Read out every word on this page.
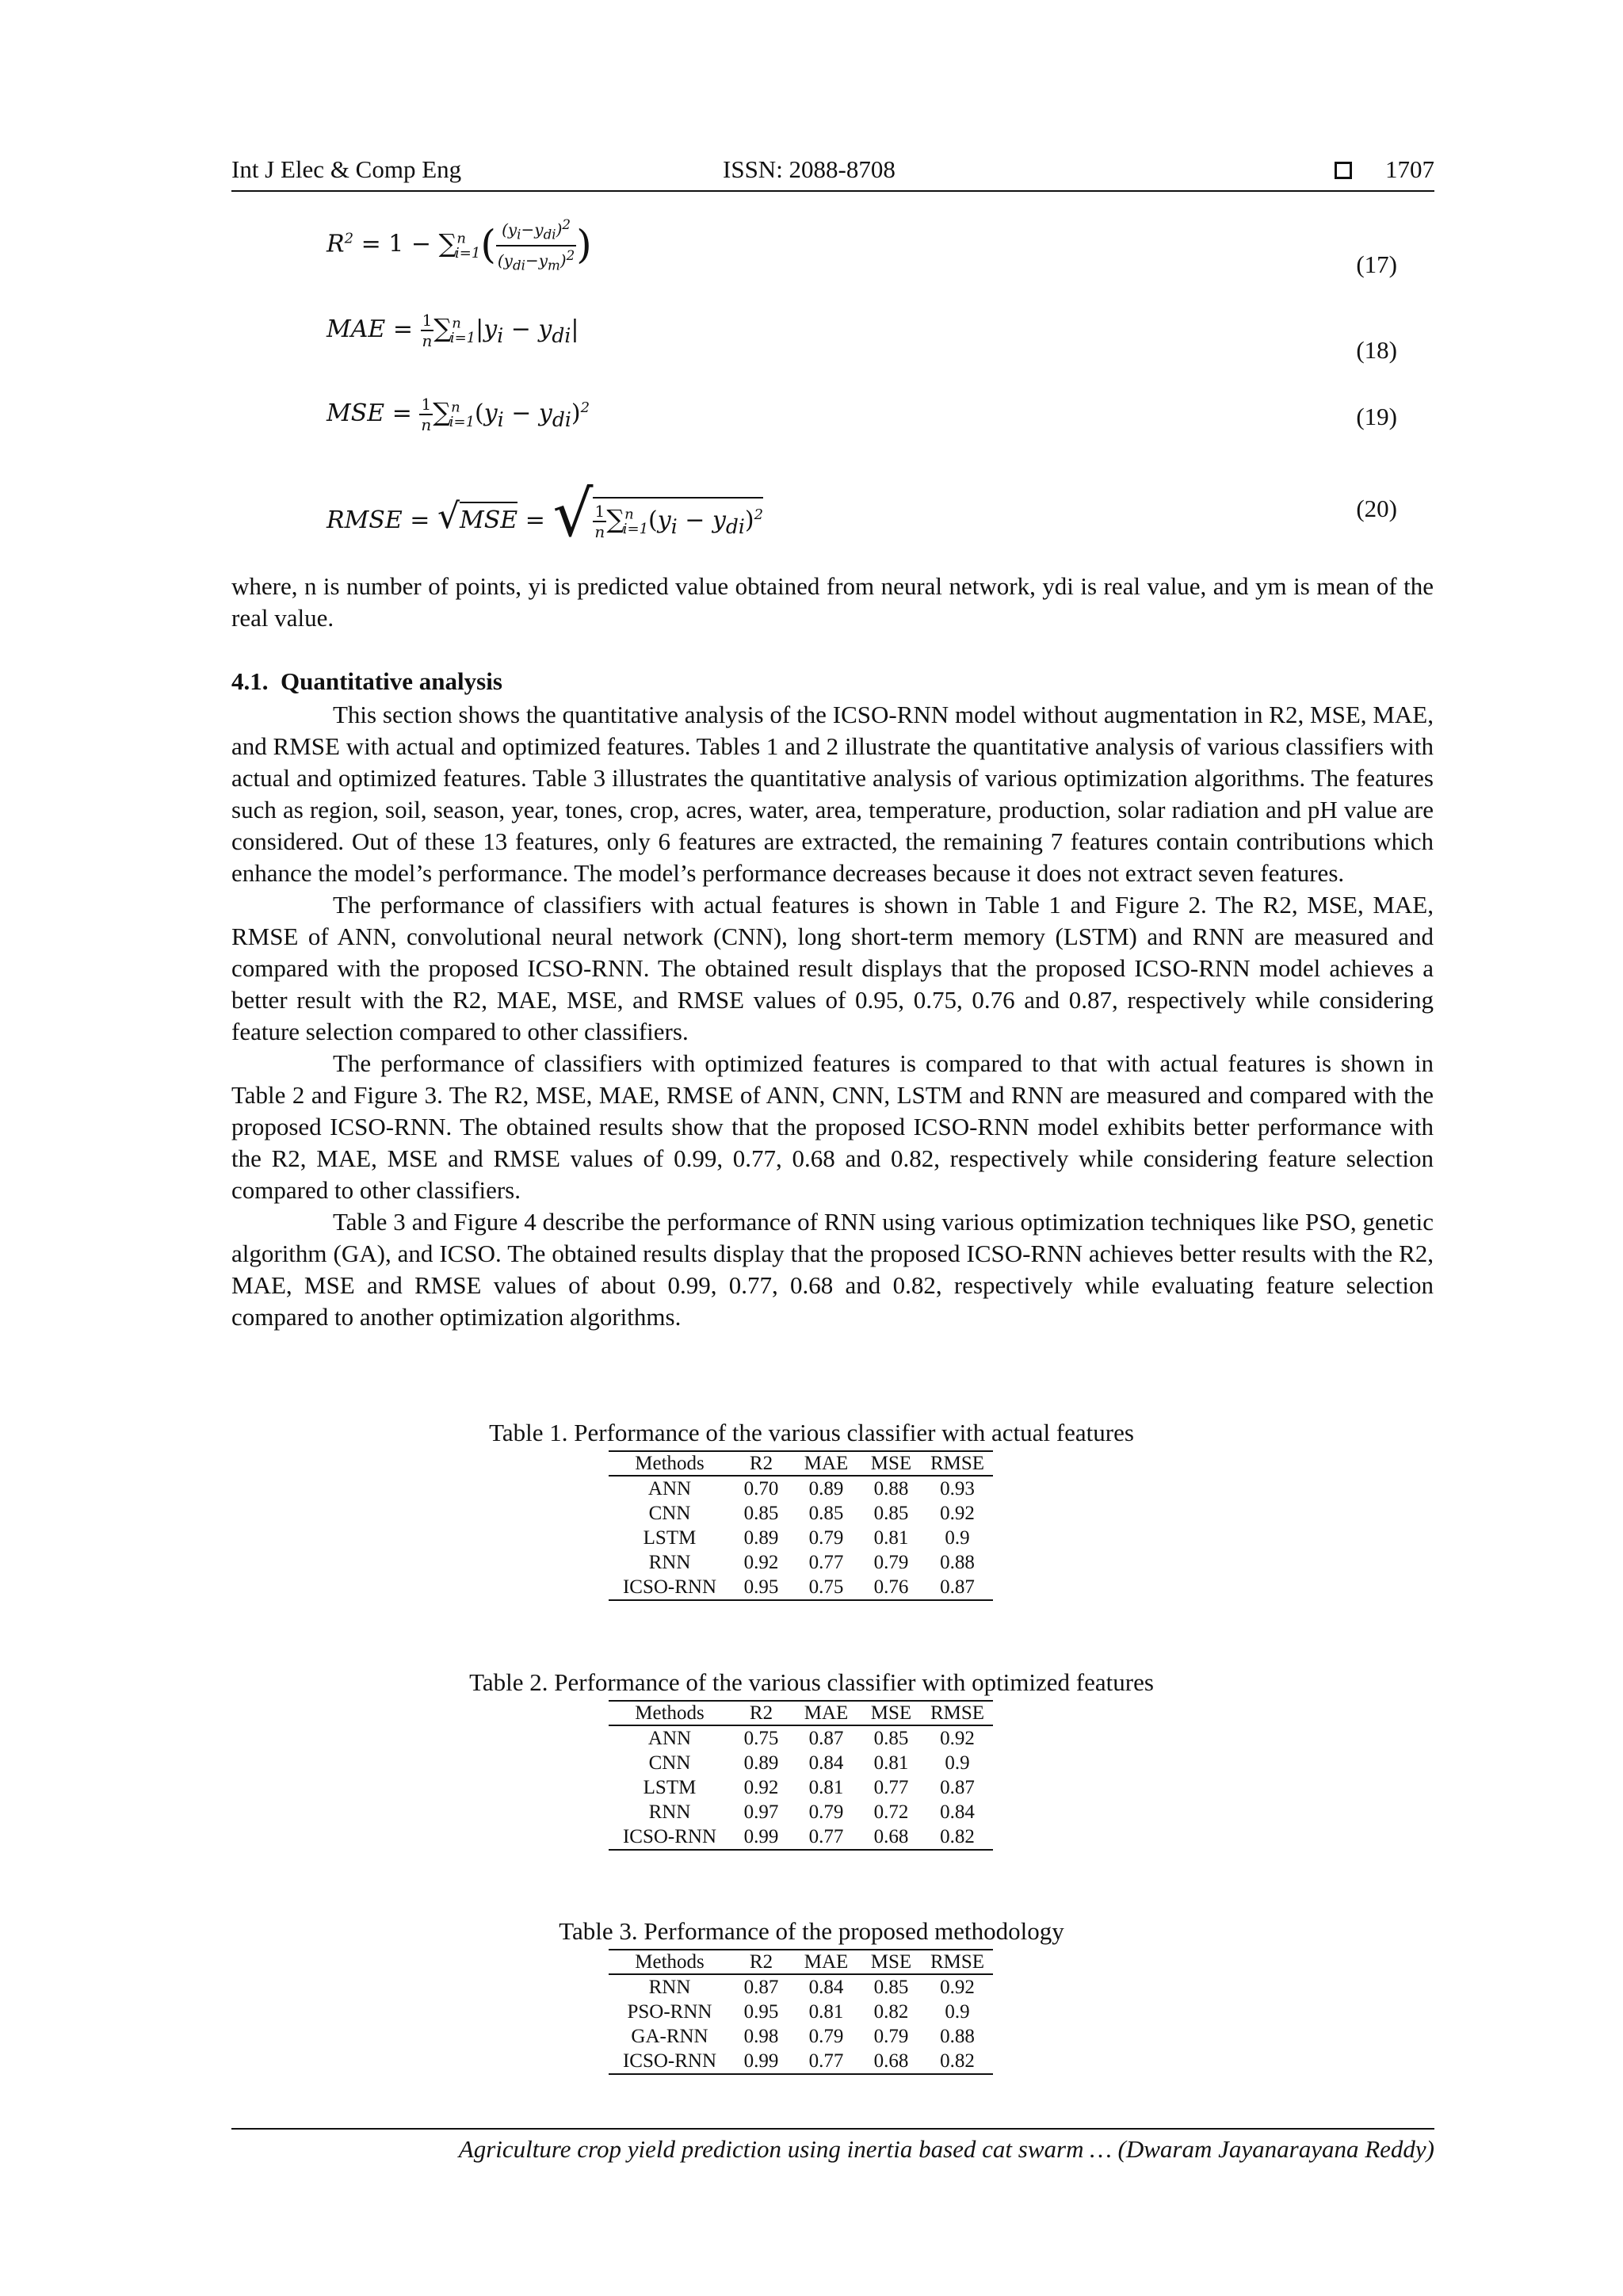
Int J Elec & Comp Eng	ISSN: 2088-8708	1707
$R^2 = 1 - \sum^n_{i=1}( \frac{(y_i-y_{di})^2}{(y_{di}-y_m)^2}$ )	(17)
MAE = $\frac{1}{n} \sum^n_{i=1}|y_i - y_{di}|$
(18)
MSE = $\frac{1}{n} \sum^n_{i=1}(y_i - y_{di})^2$	(19)
RMSE = √MSE = √ $\frac{1}{n} \sum^n_{i=1}(y_i - y_{di})^2$	(20)

where, n is number of points, yi is predicted value obtained from neural network, ydi is real value, and ym is mean of the real value.

4.1.  Quantitative analysis

This section shows the quantitative analysis of the ICSO-RNN model without augmentation in R2, MSE, MAE, and RMSE with actual and optimized features. Tables 1 and 2 illustrate the quantitative analysis of various classifiers with actual and optimized features. Table 3 illustrates the quantitative analysis of various optimization algorithms. The features such as region, soil, season, year, tones, crop, acres, water, area, temperature, production, solar radiation and pH value are considered. Out of these 13 features, only 6 features are extracted, the remaining 7 features contain contributions which enhance the model’s performance. The model’s performance decreases because it does not extract seven features.

The performance of classifiers with actual features is shown in Table 1 and Figure 2. The R2, MSE, MAE, RMSE of ANN, convolutional neural network (CNN), long short-term memory (LSTM) and RNN are measured and compared with the proposed ICSO-RNN. The obtained result displays that the proposed ICSO-RNN model achieves a better result with the R2, MAE, MSE, and RMSE values of 0.95, 0.75, 0.76 and 0.87, respectively while considering feature selection compared to other classifiers.

The performance of classifiers with optimized features is compared to that with actual features is shown in Table 2 and Figure 3. The R2, MSE, MAE, RMSE of ANN, CNN, LSTM and RNN are measured and compared with the proposed ICSO-RNN. The obtained results show that the proposed ICSO-RNN model exhibits better performance with the R2, MAE, MSE and RMSE values of 0.99, 0.77, 0.68 and 0.82, respectively while considering feature selection compared to other classifiers.

Table 3 and Figure 4 describe the performance of RNN using various optimization techniques like PSO, genetic algorithm (GA), and ICSO. The obtained results display that the proposed ICSO-RNN achieves better results with the R2, MAE, MSE and RMSE values of about 0.99, 0.77, 0.68 and 0.82, respectively while evaluating feature selection compared to another optimization algorithms.

Table 1. Performance of the various classifier with actual features
Methods	R2	MAE	MSE	RMSE
ANN	0.70	0.89	0.88	0.93
CNN	0.85	0.85	0.85	0.92
LSTM	0.89	0.79	0.81	0.9
RNN	0.92	0.77	0.79	0.88
ICSO-RNN	0.95	0.75	0.76	0.87
Table 2. Performance of the various classifier with optimized features
Methods	R2	MAE	MSE	RMSE
ANN	0.75	0.87	0.85	0.92
CNN	0.89	0.84	0.81	0.9
LSTM	0.92	0.81	0.77	0.87
RNN	0.97	0.79	0.72	0.84
ICSO-RNN	0.99	0.77	0.68	0.82
Table 3. Performance of the proposed methodology
Methods	R2	MAE	MSE	RMSE
RNN	0.87	0.84	0.85	0.92
PSO-RNN	0.95	0.81	0.82	0.9
GA-RNN	0.98	0.79	0.79	0.88
ICSO-RNN	0.99	0.77	0.68	0.82
Agriculture crop yield prediction using inertia based cat swarm … (Dwaram Jayanarayana Reddy)
